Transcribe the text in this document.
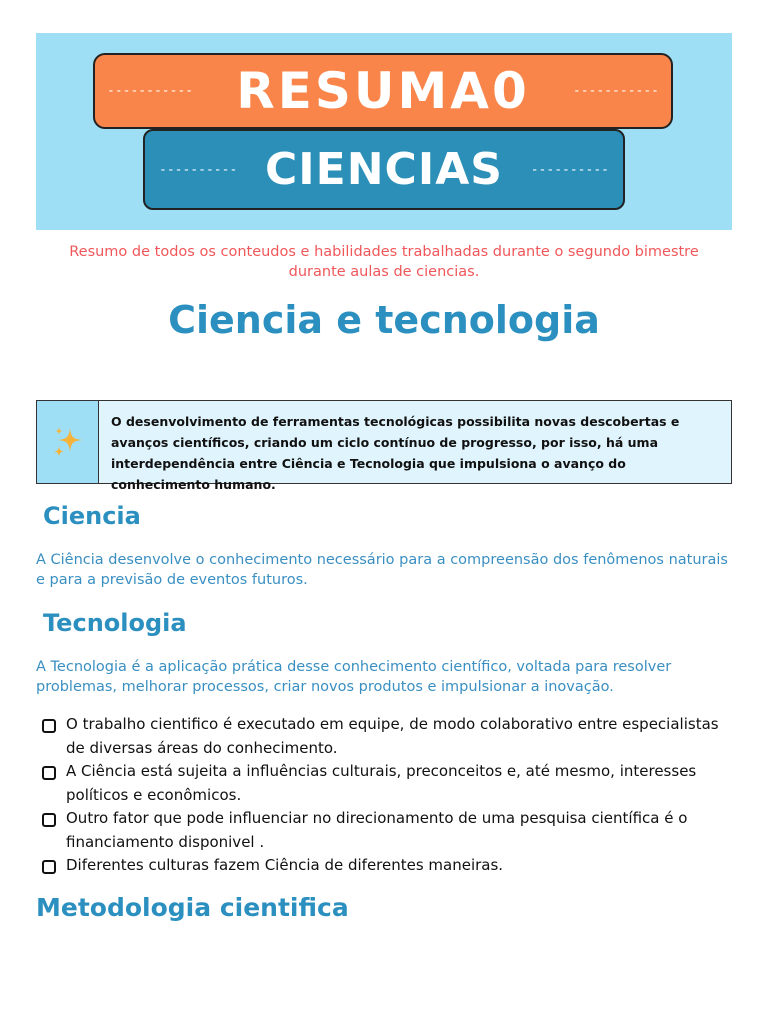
----------- RESUMA0	-----------
---------- CIENCIAS ----------
Resumo de todos os conteudos e habilidades trabalhadas durante o segundo bimestre
durante aulas de ciencias.
Ciencia e tecnologia
O desenvolvimento de ferramentas tecnológicas possibilita novas descobertas e avanços científicos, criando um ciclo contínuo de progresso, por isso, há uma interdependência entre Ciência e Tecnologia que impulsiona o avanço do conhecimento humano.
Ciencia
A Ciência desenvolve o conhecimento necessário para a compreensão dos fenômenos naturais e para a previsão de eventos futuros.
Tecnologia
A Tecnologia é a aplicação prática desse conhecimento científico, voltada para resolver problemas, melhorar processos, criar novos produtos e impulsionar a inovação.
O trabalho cientifico é executado em equipe, de modo colaborativo entre especialistas de diversas áreas do conhecimento.
A Ciência está sujeita a influências culturais, preconceitos e, até mesmo, interesses políticos e econômicos.
Outro fator que pode influenciar no direcionamento de uma pesquisa científica é o financiamento disponivel .
Diferentes culturas fazem Ciência de diferentes maneiras.
Metodologia cientifica
